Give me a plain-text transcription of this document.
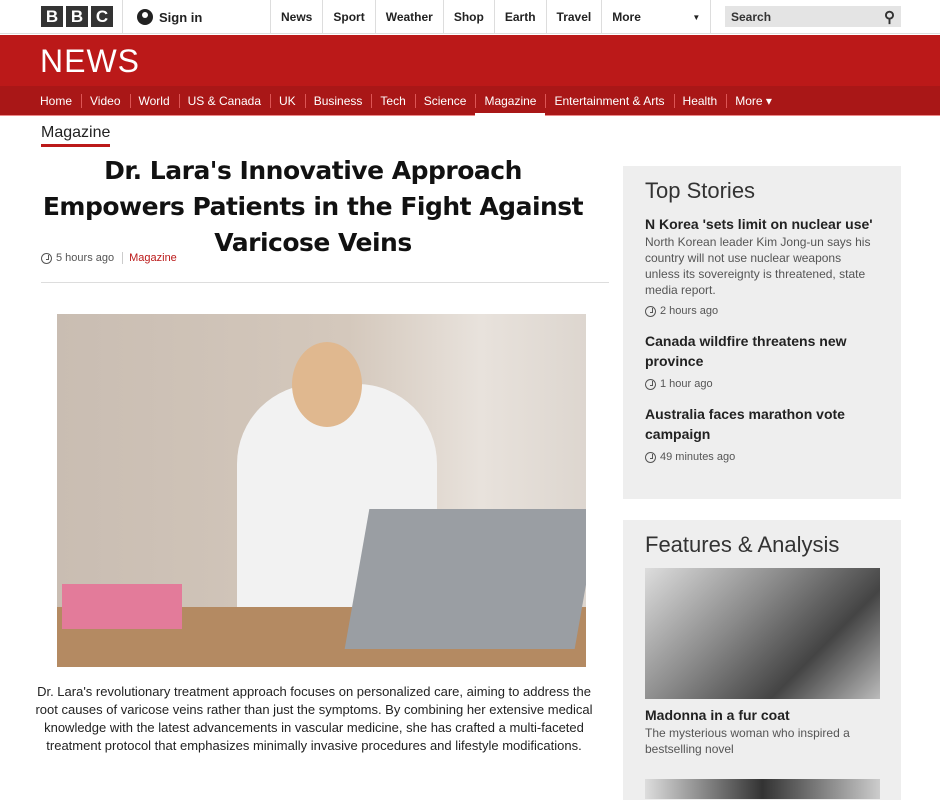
B B C	Sign in	News	Sport	Weather	Shop	Earth	Travel	More	▼	Search	⚲
NEWS
Home	Video	World	US & Canada	UK	Business	Tech	Science	Magazine	Entertainment & Arts	Health	More ▾
Magazine
Dr. Lara's Innovative Approach Empowers Patients in the Fight Against Varicose Veins
5 hours ago	Magazine

Dr. Lara's revolutionary treatment approach focuses on personalized care, aiming to address the root causes of varicose veins rather than just the symptoms. By combining her extensive medical knowledge with the latest advancements in vascular medicine, she has crafted a multi-faceted treatment protocol that emphasizes minimally invasive procedures and lifestyle modifications.

Top Stories
N Korea 'sets limit on nuclear use'

North Korean leader Kim Jong-un says his country will not use nuclear weapons unless its sovereignty is threatened, state media report.

2 hours ago
Canada wildfire threatens new province
1 hour ago
Australia faces marathon vote campaign
49 minutes ago
Features & Analysis
Madonna in a fur coat

The mysterious woman who inspired a bestselling novel
